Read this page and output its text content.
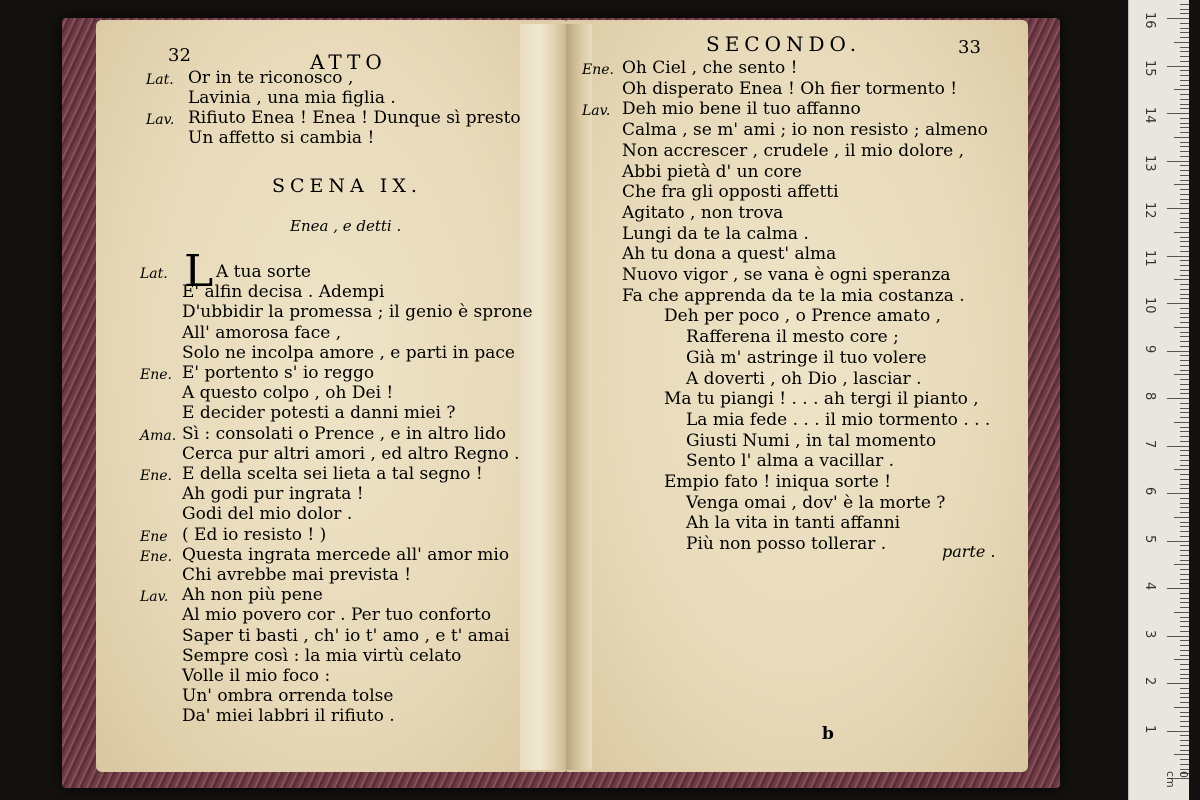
32	ATTO
Lat. Or in te riconosco ,
Lavinia , una mia figlia .
Lav. Rifiuto Enea ! Enea ! Dunque sì presto
Un affetto si cambia !
SCENA IX.
Enea , e detti .
L
Lat.	A tua sorte
E' alfin decisa . Adempi
D'ubbidir la promessa ; il genio è sprone
All' amorosa face ,
Solo ne incolpa amore , e parti in pace
Ene. E' portento s' io reggo
A questo colpo , oh Dei !
E decider potesti a danni miei ?
Ama. Sì : consolati o Prence , e in altro lido
Cerca pur altri amori , ed altro Regno .
Ene. E della scelta sei lieta a tal segno !
Ah godi pur ingrata !
Godi del mio dolor .
Ene ( Ed io resisto ! )
Ene. Questa ingrata mercede all' amor mio
Chi avrebbe mai prevista !
Lav. Ah non più pene
Al mio povero cor . Per tuo conforto
Saper ti basti , ch' io t' amo , e t' amai
Sempre così : la mia virtù celato
Volle il mio foco :
Un' ombra orrenda tolse
Da' miei labbri il rifiuto .
SECONDO.	33
Ene. Oh Ciel , che sento !
Oh disperato Enea ! Oh fier tormento !
Lav. Deh mio bene il tuo affanno
Calma , se m' ami ; io non resisto ; almeno
Non accrescer , crudele , il mio dolore ,
Abbi pietà d' un core
Che fra gli opposti affetti
Agitato , non trova
Lungi da te la calma .
Ah tu dona a quest' alma
Nuovo vigor , se vana è ogni speranza
Fa che apprenda da te la mia costanza .
Deh per poco , o Prence amato ,
Rafferena il mesto core ;
Già m' astringe il tuo volere
A doverti , oh Dio , lasciar .
Ma tu piangi ! . . . ah tergi il pianto ,
La mia fede . . . il mio tormento . . .
Giusti Numi , in tal momento
Sento l' alma a vacillar .
Empio fato ! iniqua sorte !
Venga omai , dov' è la morte ?
Ah la vita in tanti affanni
Più non posso tollerar .	parte .
b
16
15
14
13
12
11
10
9
8
7
6
5
4
3
2
1
0 cm
